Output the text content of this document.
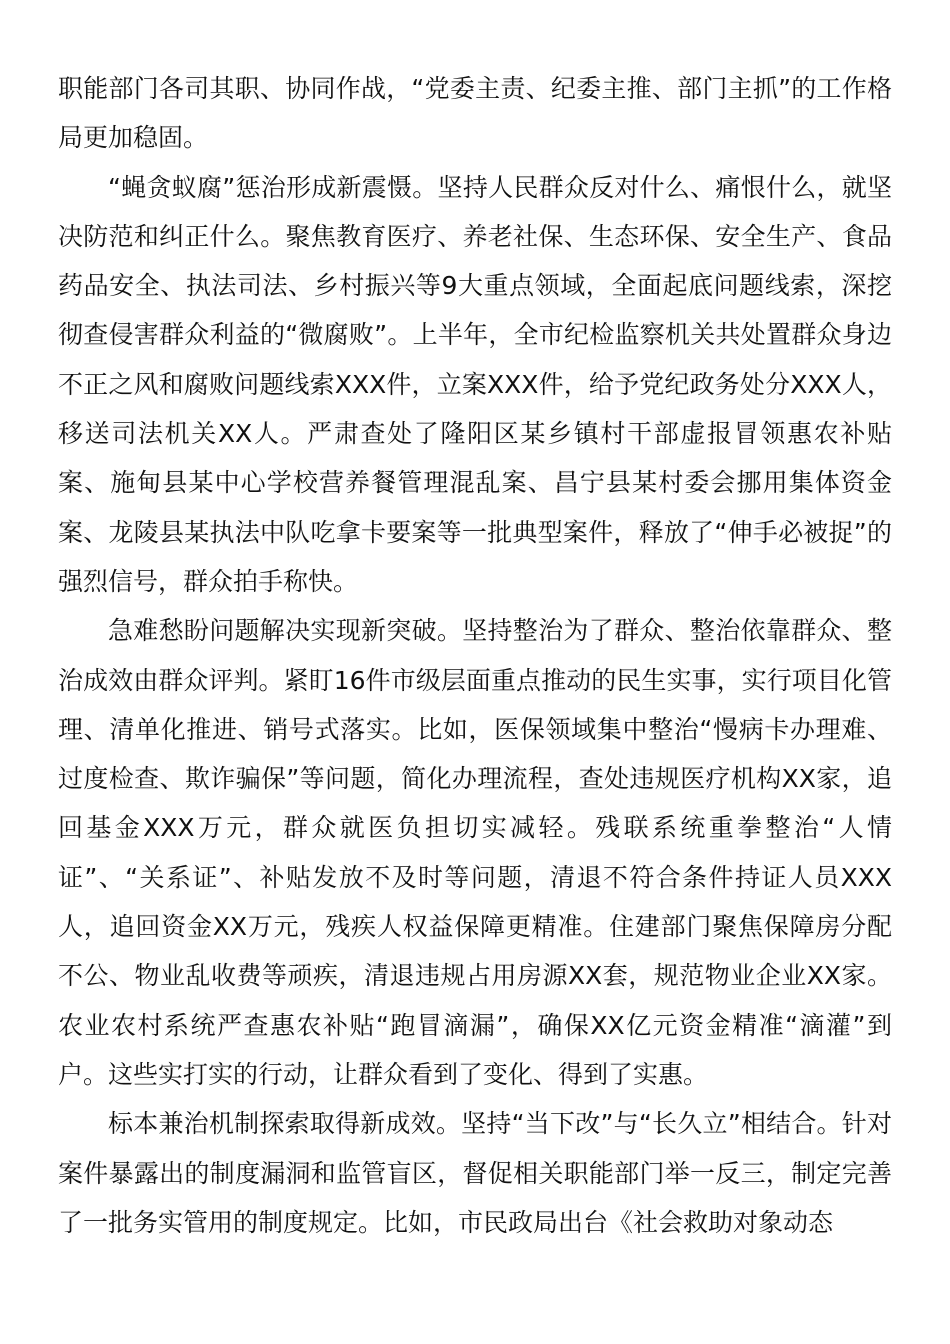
职能部门各司其职、协同作战，“党委主责、纪委主推、部门主抓”的工作格局更加稳固。

“蝇贪蚁腐”惩治形成新震慑。坚持人民群众反对什么、痛恨什么，就坚决防范和纠正什么。聚焦教育医疗、养老社保、生态环保、安全生产、食品药品安全、执法司法、乡村振兴等9大重点领域，全面起底问题线索，深挖彻查侵害群众利益的“微腐败”。上半年，全市纪检监察机关共处置群众身边不正之风和腐败问题线索XXX件，立案XXX件，给予党纪政务处分XXX人，移送司法机关XX人。严肃查处了隆阳区某乡镇村干部虚报冒领惠农补贴案、施甸县某中心学校营养餐管理混乱案、昌宁县某村委会挪用集体资金案、龙陵县某执法中队吃拿卡要案等一批典型案件，释放了“伸手必被捉”的强烈信号，群众拍手称快。

急难愁盼问题解决实现新突破。坚持整治为了群众、整治依靠群众、整治成效由群众评判。紧盯16件市级层面重点推动的民生实事，实行项目化管理、清单化推进、销号式落实。比如，医保领域集中整治“慢病卡办理难、过度检查、欺诈骗保”等问题，简化办理流程，查处违规医疗机构XX家，追回基金XXX万元，群众就医负担切实减轻。残联系统重拳整治“人情证”、“关系证”、补贴发放不及时等问题，清退不符合条件持证人员XXX人，追回资金XX万元，残疾人权益保障更精准。住建部门聚焦保障房分配不公、物业乱收费等顽疾，清退违规占用房源XX套，规范物业企业XX家。农业农村系统严查惠农补贴“跑冒滴漏”，确保XX亿元资金精准“滴灌”到户。这些实打实的行动，让群众看到了变化、得到了实惠。

标本兼治机制探索取得新成效。坚持“当下改”与“长久立”相结合。针对案件暴露出的制度漏洞和监管盲区，督促相关职能部门举一反三，制定完善了一批务实管用的制度规定。比如，市民政局出台《社会救助对象动态
